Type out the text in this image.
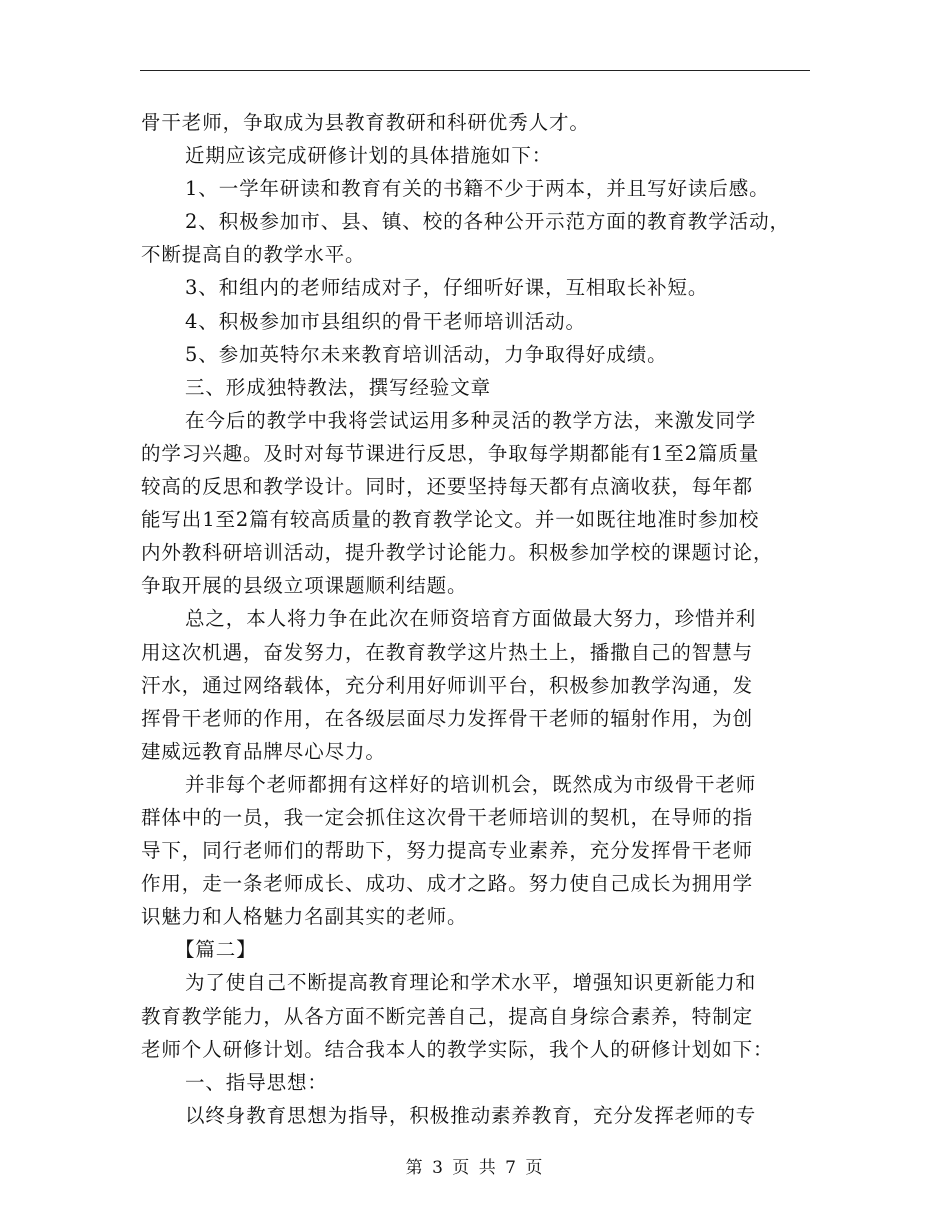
骨干老师，争取成为县教育教研和科研优秀人才。
近期应该完成研修计划的具体措施如下：
1、一学年研读和教育有关的书籍不少于两本，并且写好读后感。
2、积极参加市、县、镇、校的各种公开示范方面的教育教学活动，
不断提高自的教学水平。
3、和组内的老师结成对子，仔细听好课，互相取长补短。
4、积极参加市县组织的骨干老师培训活动。
5、参加英特尔未来教育培训活动，力争取得好成绩。
三、形成独特教法，撰写经验文章
在今后的教学中我将尝试运用多种灵活的教学方法，来激发同学
的学习兴趣。及时对每节课进行反思，争取每学期都能有1至2篇质量
较高的反思和教学设计。同时，还要坚持每天都有点滴收获，每年都
能写出1至2篇有较高质量的教育教学论文。并一如既往地准时参加校
内外教科研培训活动，提升教学讨论能力。积极参加学校的课题讨论，
争取开展的县级立项课题顺利结题。
总之，本人将力争在此次在师资培育方面做最大努力，珍惜并利
用这次机遇，奋发努力，在教育教学这片热土上，播撒自己的智慧与
汗水，通过网络载体，充分利用好师训平台，积极参加教学沟通，发
挥骨干老师的作用，在各级层面尽力发挥骨干老师的辐射作用，为创
建威远教育品牌尽心尽力。
并非每个老师都拥有这样好的培训机会，既然成为市级骨干老师
群体中的一员，我一定会抓住这次骨干老师培训的契机，在导师的指
导下，同行老师们的帮助下，努力提高专业素养，充分发挥骨干老师
作用，走一条老师成长、成功、成才之路。努力使自己成长为拥用学
识魅力和人格魅力名副其实的老师。
【篇二】
为了使自己不断提高教育理论和学术水平，增强知识更新能力和
教育教学能力，从各方面不断完善自己，提高自身综合素养，特制定
老师个人研修计划。结合我本人的教学实际，我个人的研修计划如下：
一、指导思想：
以终身教育思想为指导，积极推动素养教育，充分发挥老师的专
第 3 页 共 7 页
